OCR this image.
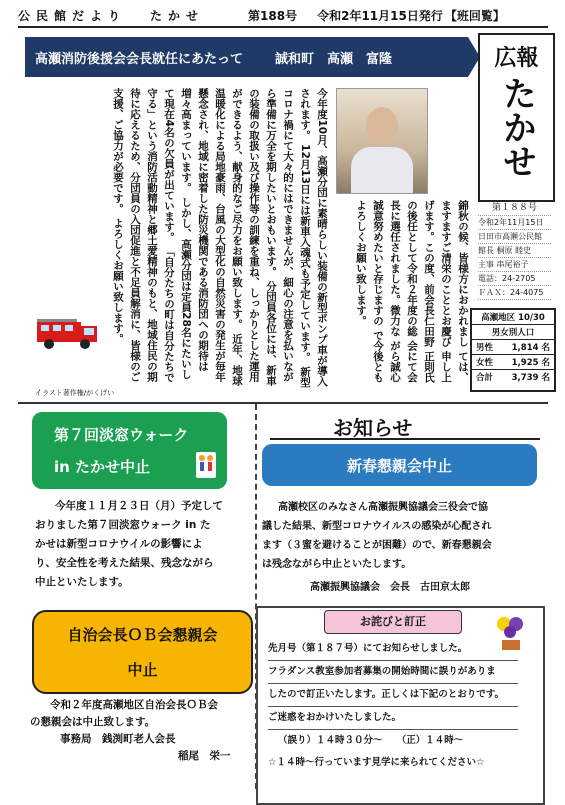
公民館だより たかせ	第188号 令和2年11月15日発行 【班回覧】
高瀬消防後援会会長就任にあたって 誠和町　高瀬　富隆
今年度10月、高瀬分団に素晴らしい装備の新型ポンプ車が導入されます。 12月13日には新車入魂式も予定しています。 新型コロナ禍にて大々的にはできませんが、細心の注意を払いながら準備に万全を期したいとおもいます。 分団員各位には、新車の装備の取扱い及び操作等の訓練を重ね、しっかりとした運用ができるよう、献身的なご尽力をお願い致します。 近年、地球温暖化による局地豪雨、台風の大型化の自然災害の発生が毎年懸念され、地域に密着した防災機関である消防団への期待は増々高まっています。 しかし、高瀬分団は定員28名にたいして現在4名の欠員が出ています。 「自分たちの町は自分たちで守る」という消防活動精神と郷土愛精神のもと、地域住民の期待に応えるため、分団員の入団促進と不足員解消に、皆様のご支援、ご協力が必要です。 よろしくお願い致します。	錦秋の候、皆様方におかれまし ては、ますますご清栄のこととお慶び 申し上げます。この度、前会長仁田野 正則氏の後任として令和２年度の総 会にて会長に選任されました。微力な がら誠心誠意努めたいと存じますの で今後ともよろしくお願い致します。
イラスト著作権/がくげい
広報
たかせ
第１８８号
令和2年11月15日
日田市高瀬公民館
館長 桐原 睦史
主事 串尾裕子
電話：24-2705
ＦＡＸ：24-4075
高瀬地区 10/30
男女別人口
男性 1,814 名
女性 1,925 名
合計 3,739 名
第７回淡窓ウォーク
in たかせ中止
今年度１１月２３日（月）予定して
おりました第７回淡窓ウォーク in た
かせは新型コロナウイルの影響によ
り、安全性を考えた結果、残念ながら
中止といたします。
自治会長ＯＢ会懇親会
中止
令和２年度高瀬地区自治会長ＯＢ会
の懇親会は中止致します。
事務局　銭渕町老人会長
稲尾　栄一
お知らせ
新春懇親会中止
高瀬校区のみなさん高瀬振興協議会三役会で協
議した結果、新型コロナウイルスの感染が心配され
ます（３蜜を避けることが困難）ので、新春懇親会
は残念ながら中止といたします。
高瀬振興協議会　会長　古田京太郎
お詫びと訂正
先月号（第１８７号）にてお知らせしました。
フラダンス教室参加者募集の開始時間に誤りがありま
したので訂正いたします。正しくは下記のとおりです。
ご迷惑をおかけいたしました。
（誤り）１４時３０分～　　（正）１４時～
☆１４時～行っています見学に来られてください☆
